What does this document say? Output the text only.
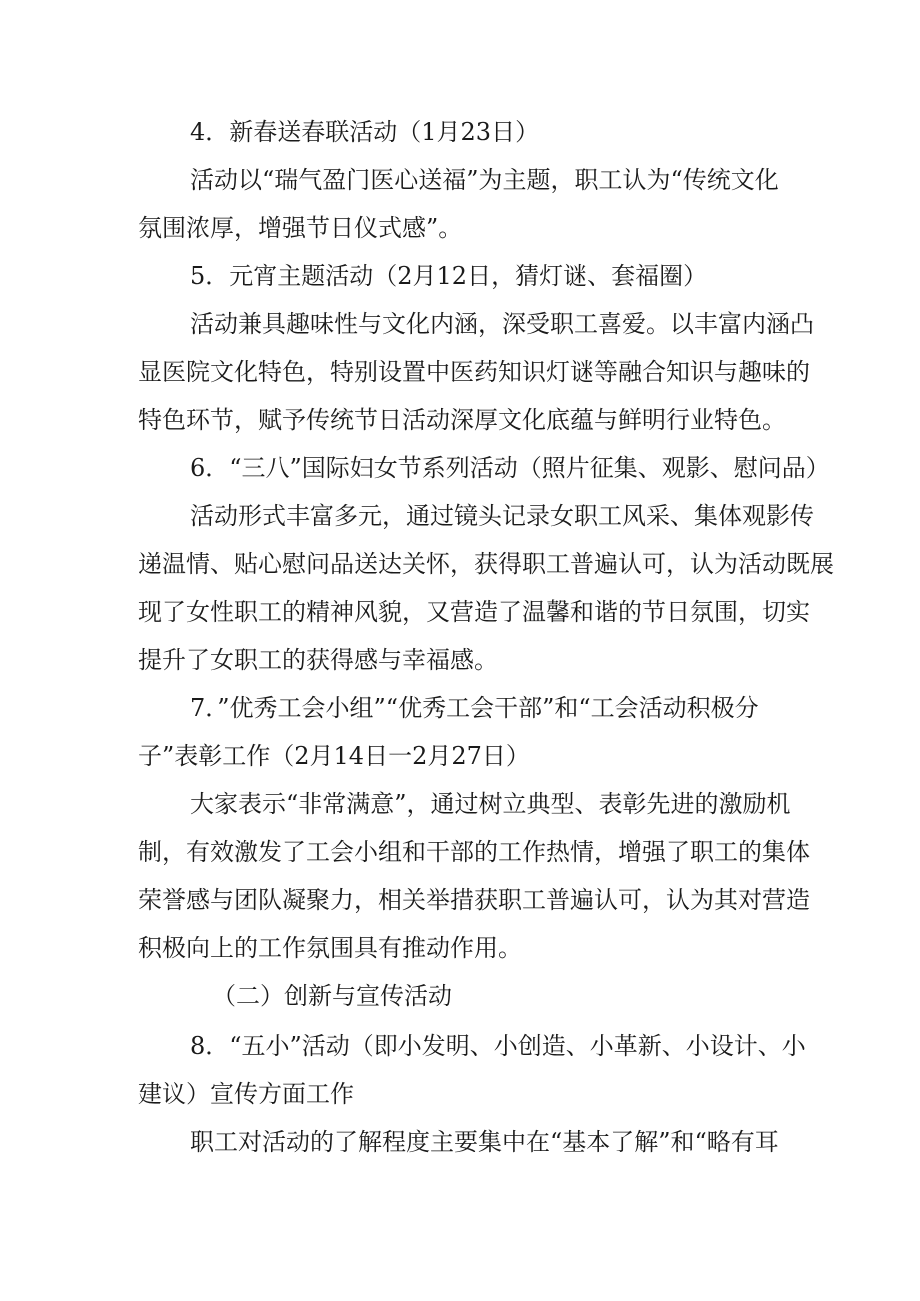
4．新春送春联活动（1月23日）
活动以“瑞气盈门医心送福”为主题，职工认为“传统文化
氛围浓厚，增强节日仪式感”。
5．元宵主题活动（2月12日，猜灯谜、套福圈）
活动兼具趣味性与文化内涵，深受职工喜爱。以丰富内涵凸
显医院文化特色，特别设置中医药知识灯谜等融合知识与趣味的
特色环节，赋予传统节日活动深厚文化底蕴与鲜明行业特色。
6．“三八”国际妇女节系列活动（照片征集、观影、慰问品）
活动形式丰富多元，通过镜头记录女职工风采、集体观影传
递温情、贴心慰问品送达关怀，获得职工普遍认可，认为活动既展
现了女性职工的精神风貌，又营造了温馨和谐的节日氛围，切实
提升了女职工的获得感与幸福感。
7．”优秀工会小组”“优秀工会干部”和“工会活动积极分
子”表彰工作（2月14日一2月27日）
大家表示“非常满意”，通过树立典型、表彰先进的激励机
制，有效激发了工会小组和干部的工作热情，增强了职工的集体
荣誉感与团队凝聚力，相关举措获职工普遍认可，认为其对营造
积极向上的工作氛围具有推动作用。
（二）创新与宣传活动
8．“五小”活动（即小发明、小创造、小革新、小设计、小
建议）宣传方面工作
职工对活动的了解程度主要集中在“基本了解”和“略有耳
